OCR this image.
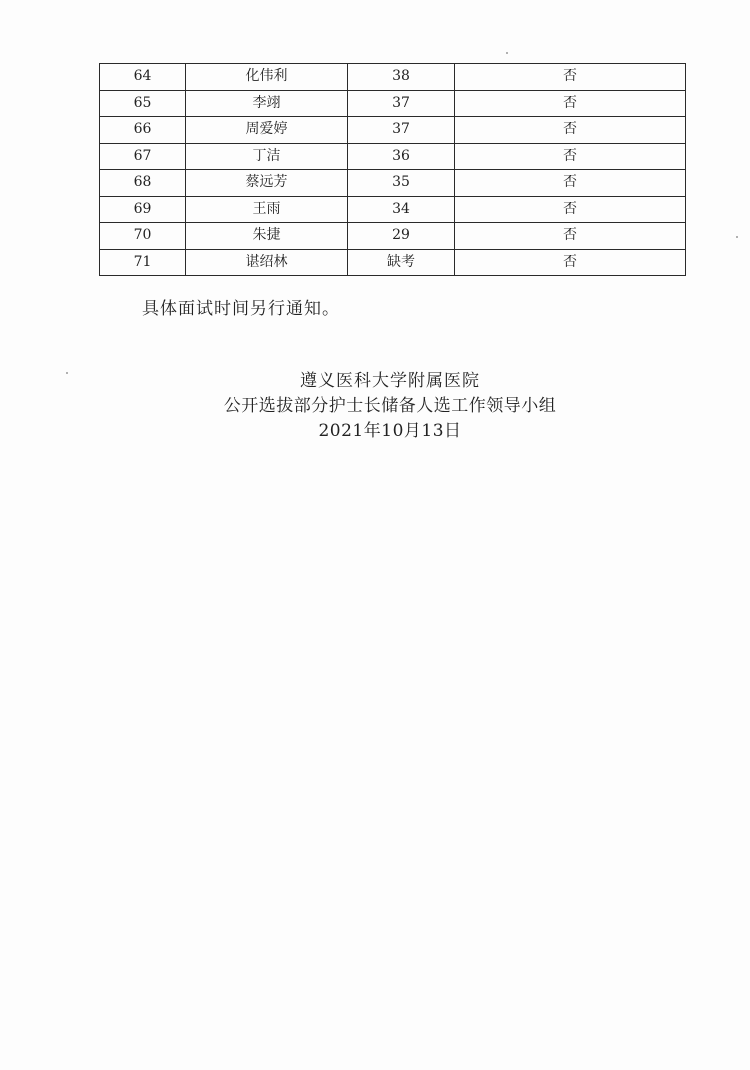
64	化伟利	38	否
65	李翊	37	否
66	周爱婷	37	否
67	丁洁	36	否
68	蔡远芳	35	否
69	王雨	34	否
70	朱捷	29	否
71	谌绍林	缺考	否
具体面试时间另行通知。
遵义医科大学附属医院
公开选拔部分护士长储备人选工作领导小组
2021年10月13日
